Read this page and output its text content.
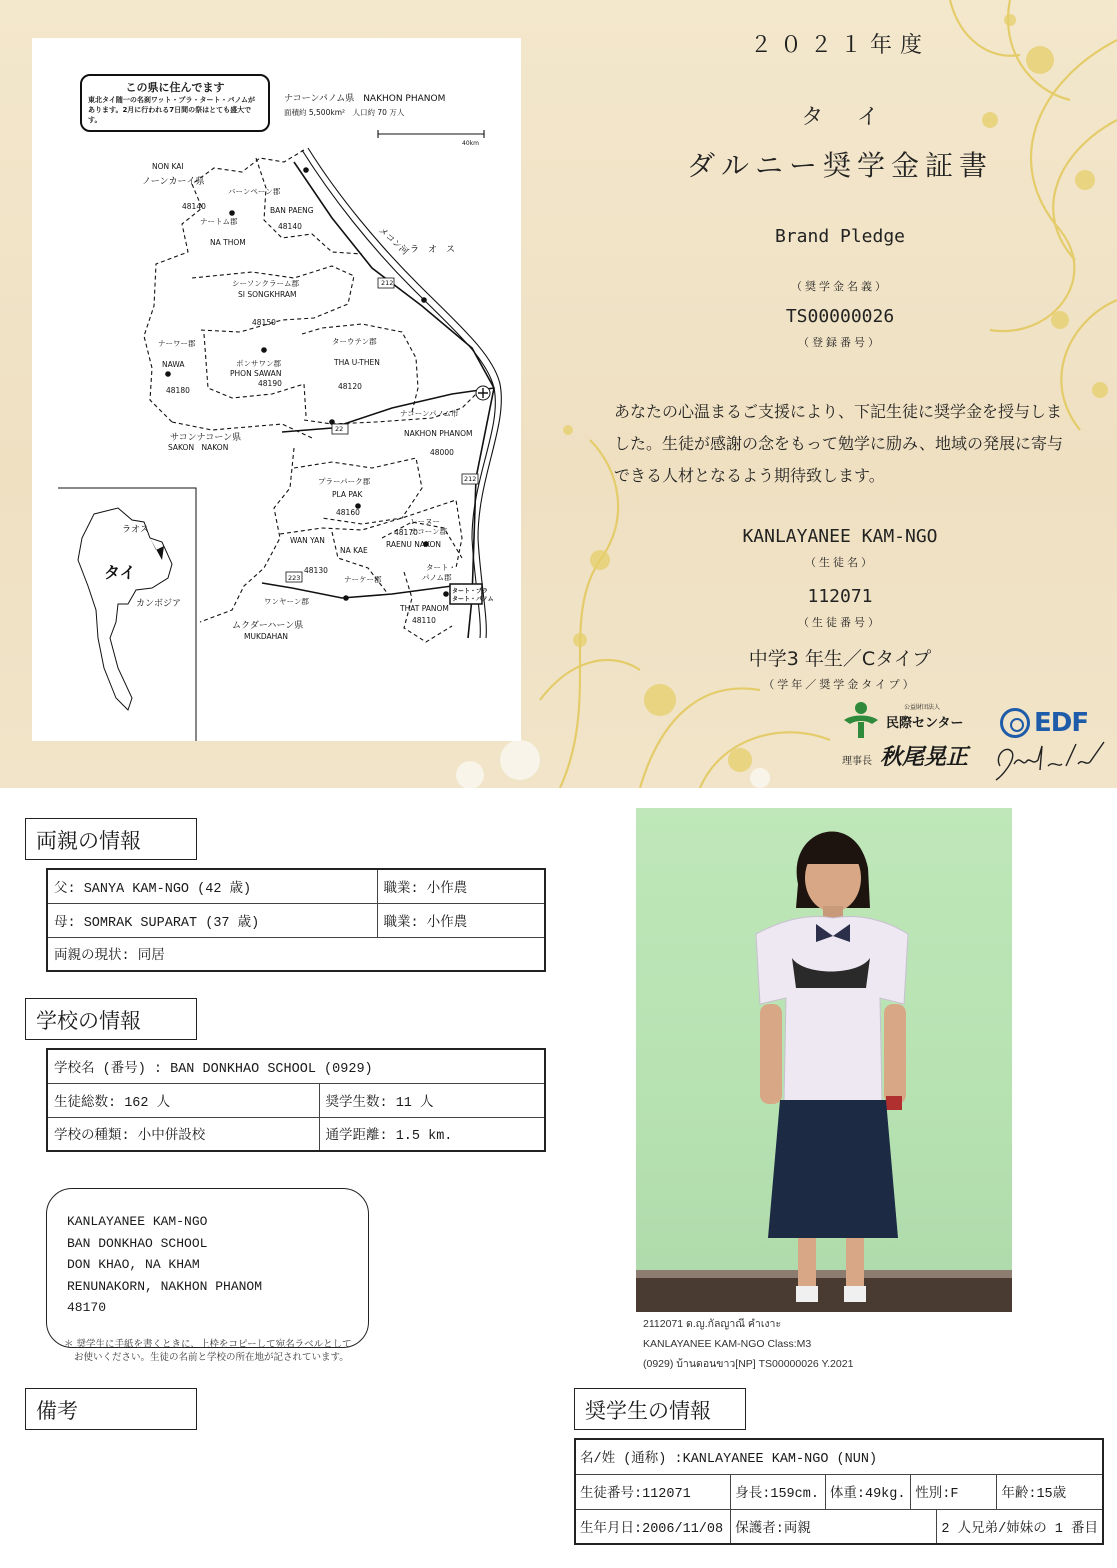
この県に住んでます
東北タイ随一の名刹ワット・プラ・タート・パノムがあります。2月に行われる7日間の祭はとても盛大です。
ナコーンパノム県　NAKHON PHANOM
面積約 5,500km²　人口約 70 万人
40km
NON KAI
ノーンカーイ県
バーンペーン郡
BAN PAENG
48140
48140
ナートム郡
NA THOM
ラ　オ　ス
メコン河
212
シーソンクラーム郡
SI SONGKHRAM
48150
ナーワー郡
NAWA
48180
ポンサワン郡
PHON SAWAN
48190
ターウテン郡
THA U-THEN
48120
ナコーンパノム市
NAKHON PHANOM
48000
22
212
サコンナコーン県
SAKON　NAKON
プラーパーク郡
PLA PAK
48160
レーヌー
ナコーン郡
48170
RAENU NAKON
WAN YAN
NA KAE
48130
ナーケー郡
タート・
パノム郡
223
ワンヤーン郡
THAT PANOM
タート・プラ
タート・パノム
48110
ムクダーハーン県
MUKDAHAN
ラオス
タイ
カンボジア
２０２１年度
タイ
ダルニー奨学金証書
Brand Pledge
（奨学金名義）
TS00000026
（登録番号）
あなたの心温まるご支援により、下記生徒に奨学金を授与しました。生徒が感謝の念をもって勉学に励み、地域の発展に寄与できる人材となるよう期待致します。
KANLAYANEE KAM-NGO
（生徒名）
112071
（生徒番号）
中学3 年生／Cタイプ
（学年／奨学金タイプ）
公益財団法人
民際センター
理事長 秋尾晃正
EDF
両親の情報
父: SANYA KAM-NGO (42 歳)	職業: 小作農
母: SOMRAK SUPARAT (37 歳)	職業: 小作農
両親の現状: 同居	
学校の情報
学校名 (番号) : BAN DONKHAO SCHOOL (0929)	
生徒総数: 162 人	奨学生数: 11 人
学校の種類: 小中併設校	通学距離: 1.5 km.
KANLAYANEE KAM-NGO
BAN DONKHAO SCHOOL
DON KHAO, NA KHAM
RENUNAKORN, NAKHON PHANOM
48170
＊ 奨学生に手紙を書くときに、上枠をコピーして宛名ラベルとして
お使いください。生徒の名前と学校の所在地が記されています。
備考
2112071 ด.ญ.กัลญาณี คำเงาะ
KANLAYANEE KAM-NGO Class:M3
(0929) บ้านดอนขาว[NP] TS00000026 Y.2021
奨学生の情報
名/姓 (通称) :KANLAYANEE KAM-NGO (NUN)					
生徒番号:112071	身長:159cm.	体重:49kg.	性別:F		年齢:15歳
生年月日:2006/11/08	保護者:両親			2 人兄弟/姉妹の 1 番目	
